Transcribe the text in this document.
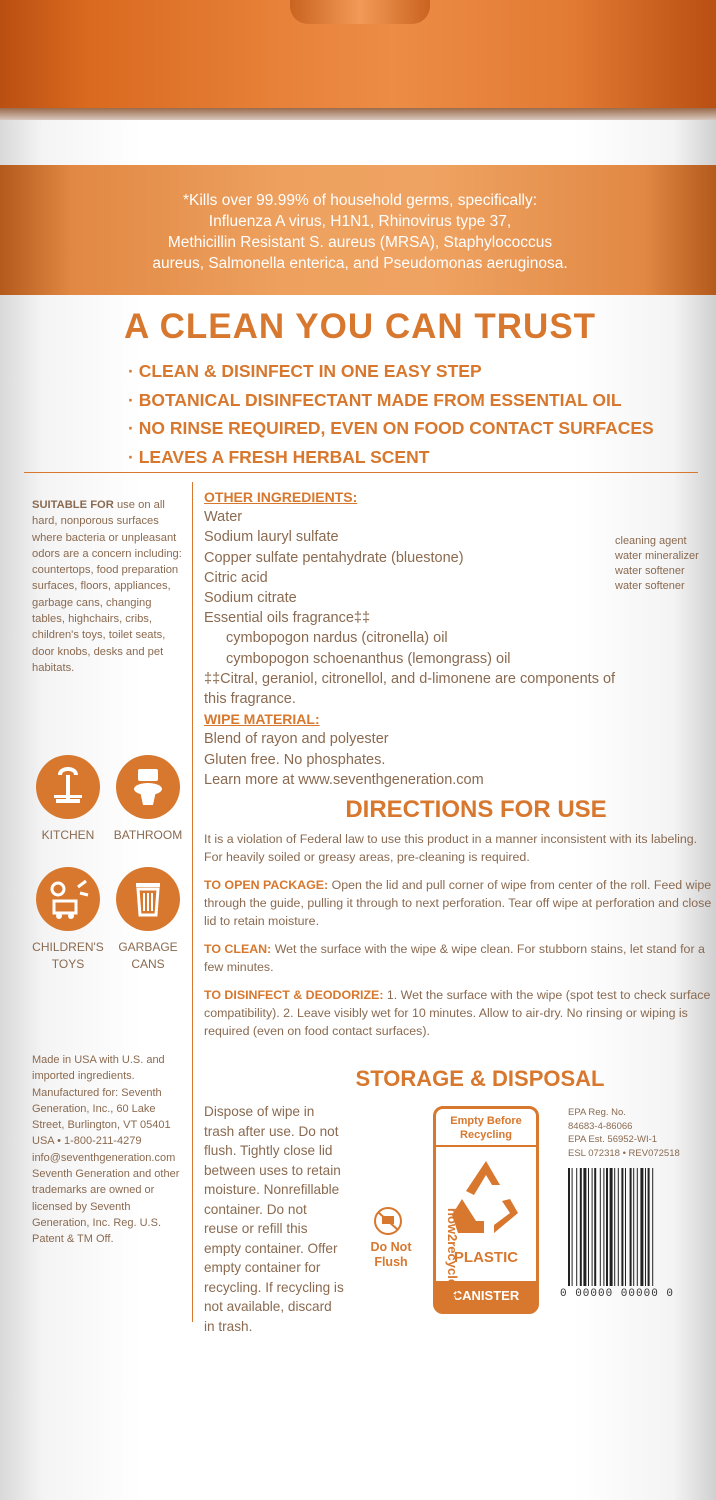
*Kills over 99.99% of household germs, specifically:
Influenza A virus, H1N1, Rhinovirus type 37,
Methicillin Resistant S. aureus (MRSA), Staphylococcus
aureus, Salmonella enterica, and Pseudomonas aeruginosa.
A CLEAN YOU CAN TRUST
· CLEAN & DISINFECT IN ONE EASY STEP
· BOTANICAL DISINFECTANT MADE FROM ESSENTIAL OIL
· NO RINSE REQUIRED, EVEN ON FOOD CONTACT SURFACES
· LEAVES A FRESH HERBAL SCENT
SUITABLE FOR use on all hard, nonporous surfaces where bacteria or unpleasant odors are a concern including: countertops, food preparation surfaces, floors, appliances, garbage cans, changing tables, highchairs, cribs, children's toys, toilet seats, door knobs, desks and pet habitats.
KITCHEN	BATHROOM
CHILDREN'S TOYS
GARBAGE CANS
Made in USA with U.S. and imported ingredients. Manufactured for: Seventh Generation, Inc., 60 Lake Street, Burlington, VT 05401 USA • 1-800-211-4279 info@seventhgeneration.com Seventh Generation and other trademarks are owned or licensed by Seventh Generation, Inc. Reg. U.S. Patent & TM Off.
OTHER INGREDIENTS:
Water
Sodium lauryl sulfate
Copper sulfate pentahydrate (bluestone)
Citric acid
Sodium citrate
Essential oils fragrance‡‡
cymbopogon nardus (citronella) oil
cymbopogon schoenanthus (lemongrass) oil
‡‡Citral, geraniol, citronellol, and d-limonene are components of this fragrance.
WIPE MATERIAL:
Blend of rayon and polyester
Gluten free. No phosphates.
Learn more at www.seventhgeneration.com
cleaning agent
water mineralizer
water softener
water softener
DIRECTIONS FOR USE

It is a violation of Federal law to use this product in a manner inconsistent with its labeling. For heavily soiled or greasy areas, pre-cleaning is required.

TO OPEN PACKAGE: Open the lid and pull corner of wipe from center of the roll. Feed wipe through the guide, pulling it through to next perforation. Tear off wipe at perforation and close lid to retain moisture.

TO CLEAN: Wet the surface with the wipe & wipe clean. For stubborn stains, let stand for a few minutes.

TO DISINFECT & DEODORIZE: 1. Wet the surface with the wipe (spot test to check surface compatibility). 2. Leave visibly wet for 10 minutes. Allow to air-dry. No rinsing or wiping is required (even on food contact surfaces).

STORAGE & DISPOSAL
Dispose of wipe in trash after use. Do not flush. Tightly close lid between uses to retain moisture. Nonrefillable container. Do not reuse or refill this empty container. Offer empty container for recycling. If recycling is not available, discard in trash.
Do Not Flush
Empty Before Recycling
PLASTIC
CANISTER
how2recycle.info
EPA Reg. No.
84683-4-86066
EPA Est. 56952-WI-1
ESL 072318 • REV072518
0 00000 00000 0
